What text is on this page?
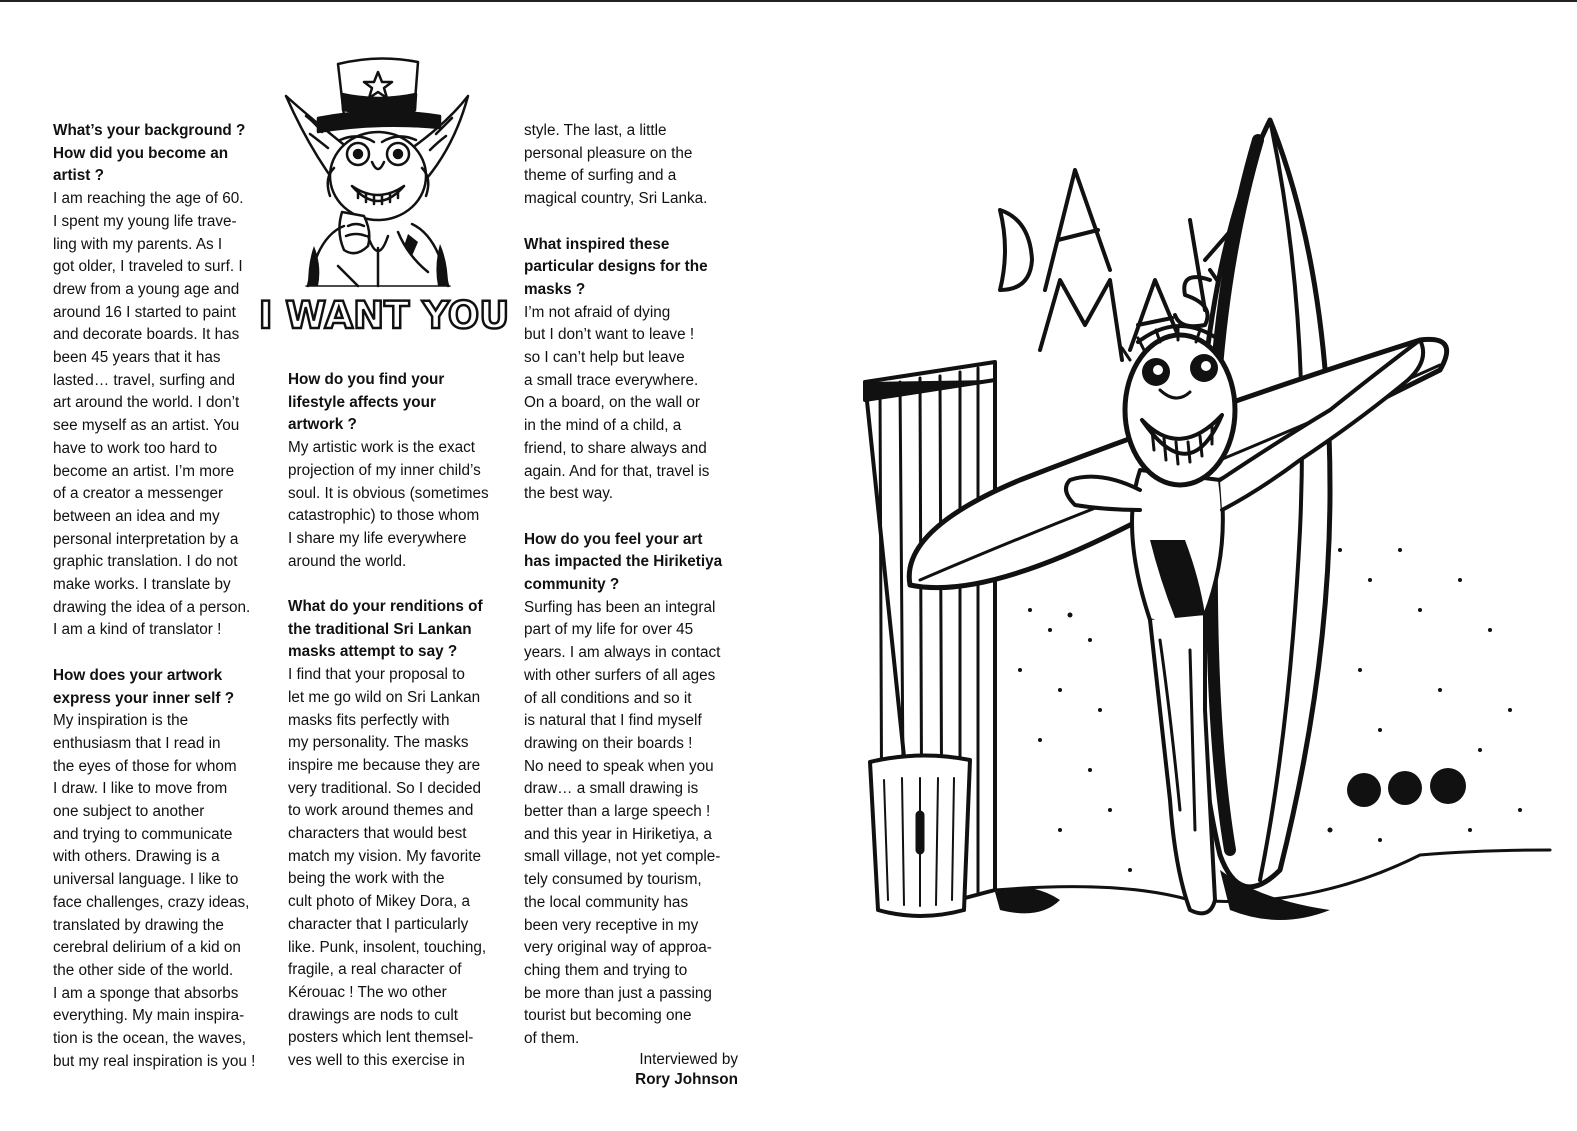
What’s your background ?
How did you become an
artist ?

I am reaching the age of 60.
I spent my young life trave-
ling with my parents. As I
got older, I traveled to surf. I
drew from a young age and
around 16 I started to paint
and decorate boards. It has
been 45 years that it has
lasted… travel, surfing and
art around the world. I don’t
see myself as an artist. You
have to work too hard to
become an artist. I’m more
of a creator a messenger
between an idea and my
personal interpretation by a
graphic translation. I do not
make works. I translate by
drawing the idea of a person.
I am a kind of translator !

How does your artwork
express your inner self ?

My inspiration is the
enthusiasm that I read in
the eyes of those for whom
I draw. I like to move from
one subject to another
and trying to communicate
with others. Drawing is a
universal language. I like to
face challenges, crazy ideas,
translated by drawing the
cerebral delirium of a kid on
the other side of the world.
I am a sponge that absorbs
everything. My main inspira-
tion is the ocean, the waves,
but my real inspiration is you !

I WANT YOU

How do you find your
lifestyle affects your
artwork ?

My artistic work is the exact
projection of my inner child’s
soul. It is obvious (sometimes
catastrophic) to those whom
I share my life everywhere
around the world.

What do your renditions of
the traditional Sri Lankan
masks attempt to say ?

I find that your proposal to
let me go wild on Sri Lankan
masks fits perfectly with
my personality. The masks
inspire me because they are
very traditional. So I decided
to work around themes and
characters that would best
match my vision. My favorite
being the work with the
cult photo of Mikey Dora, a
character that I particularly
like. Punk, insolent, touching,
fragile, a real character of
Kérouac ! The wo other
drawings are nods to cult
posters which lent themsel-
ves well to this exercise in

style. The last, a little
personal pleasure on the
theme of surfing and a
magical country, Sri Lanka.

What inspired these
particular designs for the
masks ?

I’m not afraid of dying
but I don’t want to leave !
so I can’t help but leave
a small trace everywhere.
On a board, on the wall or
in the mind of a child, a
friend, to share always and
again. And for that, travel is
the best way.

How do you feel your art
has impacted the Hiriketiya
community ?

Surfing has been an integral
part of my life for over 45
years. I am always in contact
with other surfers of all ages
of all conditions and so it
is natural that I find myself
drawing on their boards !
No need to speak when you
draw… a small drawing is
better than a large speech !
and this year in Hiriketiya, a
small village, not yet comple-
tely consumed by tourism,
the local community has
been very receptive in my
very original way of approa-
ching them and trying to
be more than just a passing
tourist but becoming one
of them.

Interviewed by
Rory Johnson
